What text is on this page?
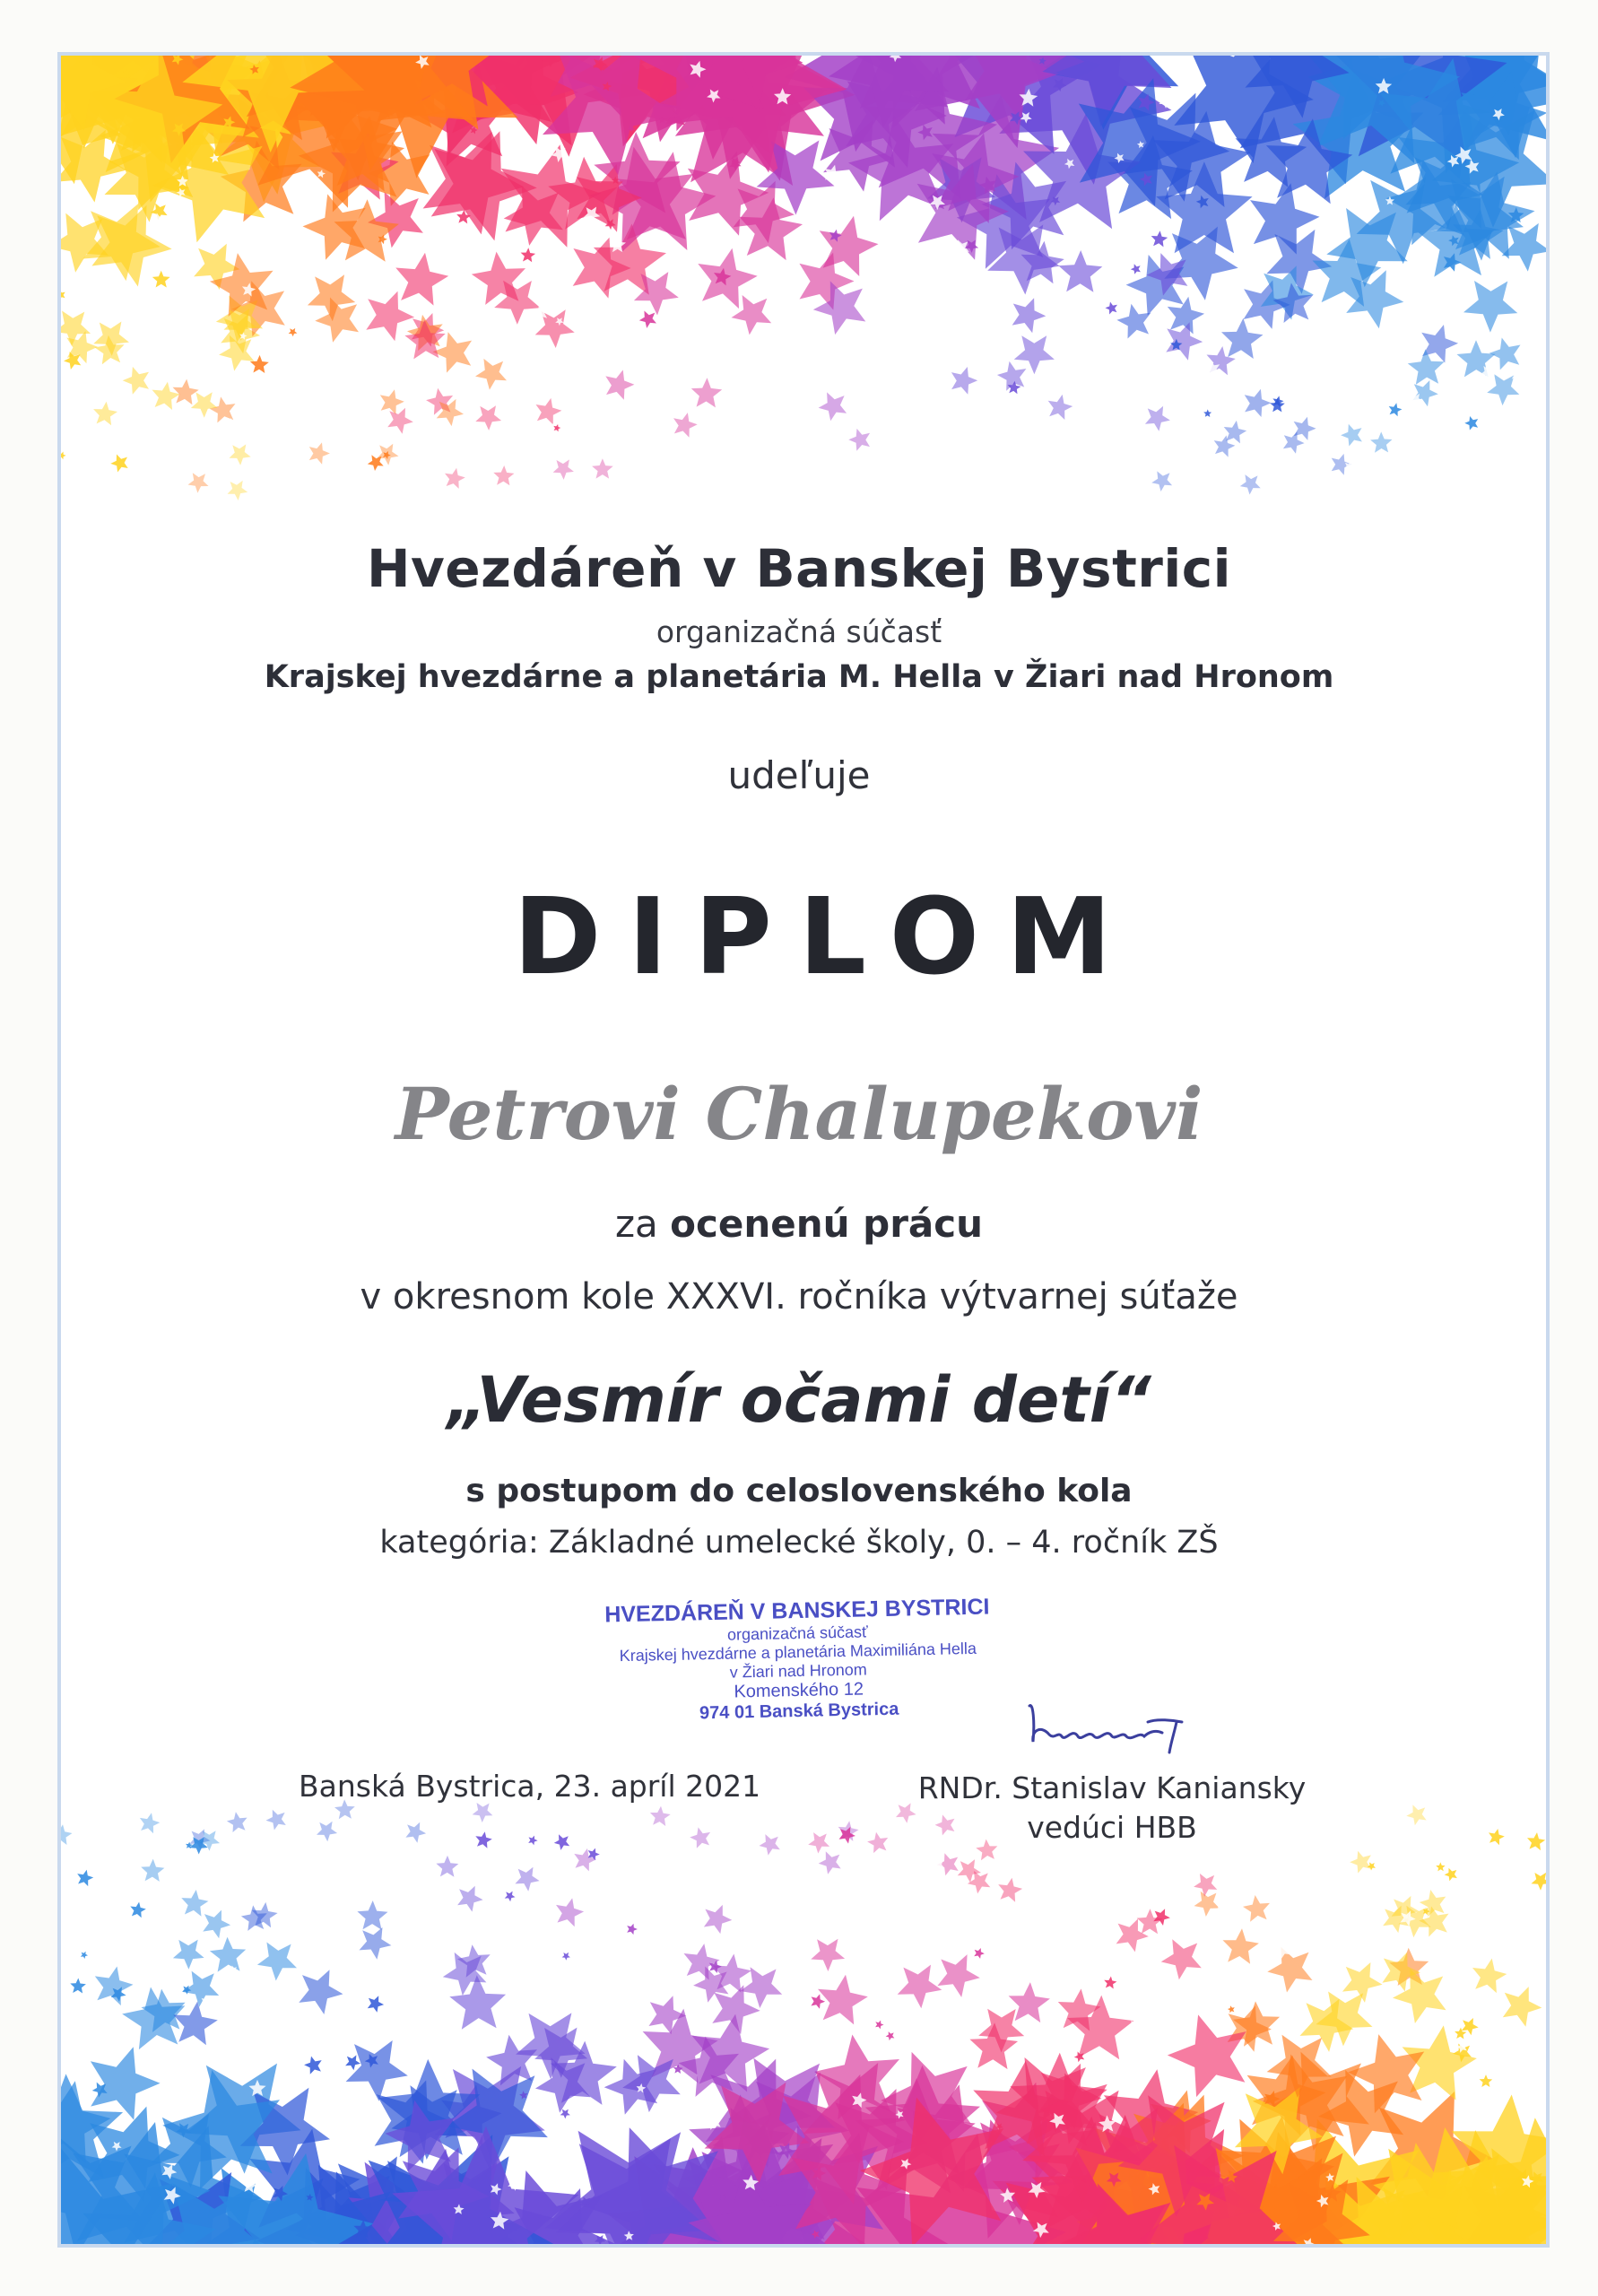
Hvezdáreň v Banskej Bystrici

organizačná súčasť

Krajskej hvezdárne a planetária M. Hella v Žiari nad Hronom

udeľuje

DIPLOM

Petrovi Chalupekovi

za ocenenú prácu

v okresnom kole XXXVI. ročníka výtvarnej súťaže

„Vesmír očami detí“

s postupom do celoslovenského kola

kategória: Základné umelecké školy, 0. – 4. ročník ZŠ

HVEZDÁREŇ V BANSKEJ BYSTRICI
organizačná súčasť
Krajskej hvezdárne a planetária Maximiliána Hella
v Žiari nad Hronom
Komenského 12
974 01 Banská Bystrica
Banská Bystrica, 23. apríl 2021	RNDr. Stanislav Kaniansky
vedúci HBB
